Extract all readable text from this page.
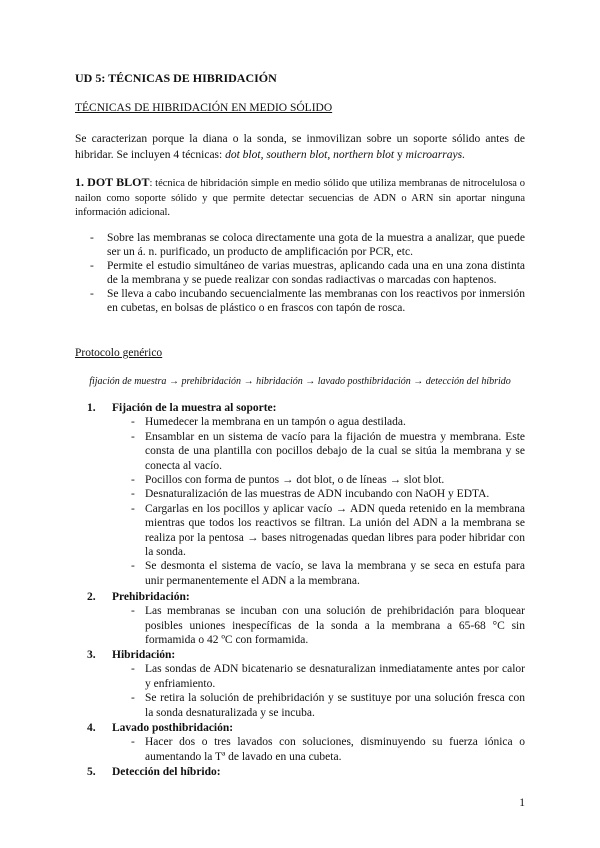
UD 5: TÉCNICAS DE HIBRIDACIÓN
TÉCNICAS DE HIBRIDACIÓN EN MEDIO SÓLIDO

Se caracterizan porque la diana o la sonda, se inmovilizan sobre un soporte sólido antes de hibridar. Se incluyen 4 técnicas: dot blot, southern blot, northern blot y microarrays.

1. DOT BLOT: técnica de hibridación simple en medio sólido que utiliza membranas de nitrocelulosa o nailon como soporte sólido y que permite detectar secuencias de ADN o ARN sin aportar ninguna información adicional.

-	Sobre las membranas se coloca directamente una gota de la muestra a analizar, que puede ser un á. n. purificado, un producto de amplificación por PCR, etc.
-	Permite el estudio simultáneo de varias muestras, aplicando cada una en una zona distinta de la membrana y se puede realizar con sondas radiactivas o marcadas con haptenos.
-	Se lleva a cabo incubando secuencialmente las membranas con los reactivos por inmersión en cubetas, en bolsas de plástico o en frascos con tapón de rosca.
Protocolo genérico
fijación de muestra → prehibridación → hibridación → lavado posthibridación → detección del híbrido
1.	Fijación de la muestra al soporte:
- Humedecer la membrana en un tampón o agua destilada.
- Ensamblar en un sistema de vacío para la fijación de muestra y membrana. Este consta de una plantilla con pocillos debajo de la cual se sitúa la membrana y se conecta al vacío.
- Pocillos con forma de puntos → dot blot, o de líneas → slot blot.
- Desnaturalización de las muestras de ADN incubando con NaOH y EDTA.
- Cargarlas en los pocillos y aplicar vacío → ADN queda retenido en la membrana mientras que todos los reactivos se filtran. La unión del ADN a la membrana se realiza por la pentosa → bases nitrogenadas quedan libres para poder hibridar con la sonda.
- Se desmonta el sistema de vacío, se lava la membrana y se seca en estufa para unir permanentemente el ADN a la membrana.
2.	Prehibridación:
- Las membranas se incuban con una solución de prehibridación para bloquear posibles uniones inespecíficas de la sonda a la membrana a 65-68 °C sin formamida o 42 ºC con formamida.
3.	Hibridación:
- Las sondas de ADN bicatenario se desnaturalizan inmediatamente antes por calor y enfriamiento.
- Se retira la solución de prehibridación y se sustituye por una solución fresca con la sonda desnaturalizada y se incuba.
4.	Lavado posthibridación:
- Hacer dos o tres lavados con soluciones, disminuyendo su fuerza iónica o aumentando la Tª de lavado en una cubeta.
5.	Detección del híbrido:
1
